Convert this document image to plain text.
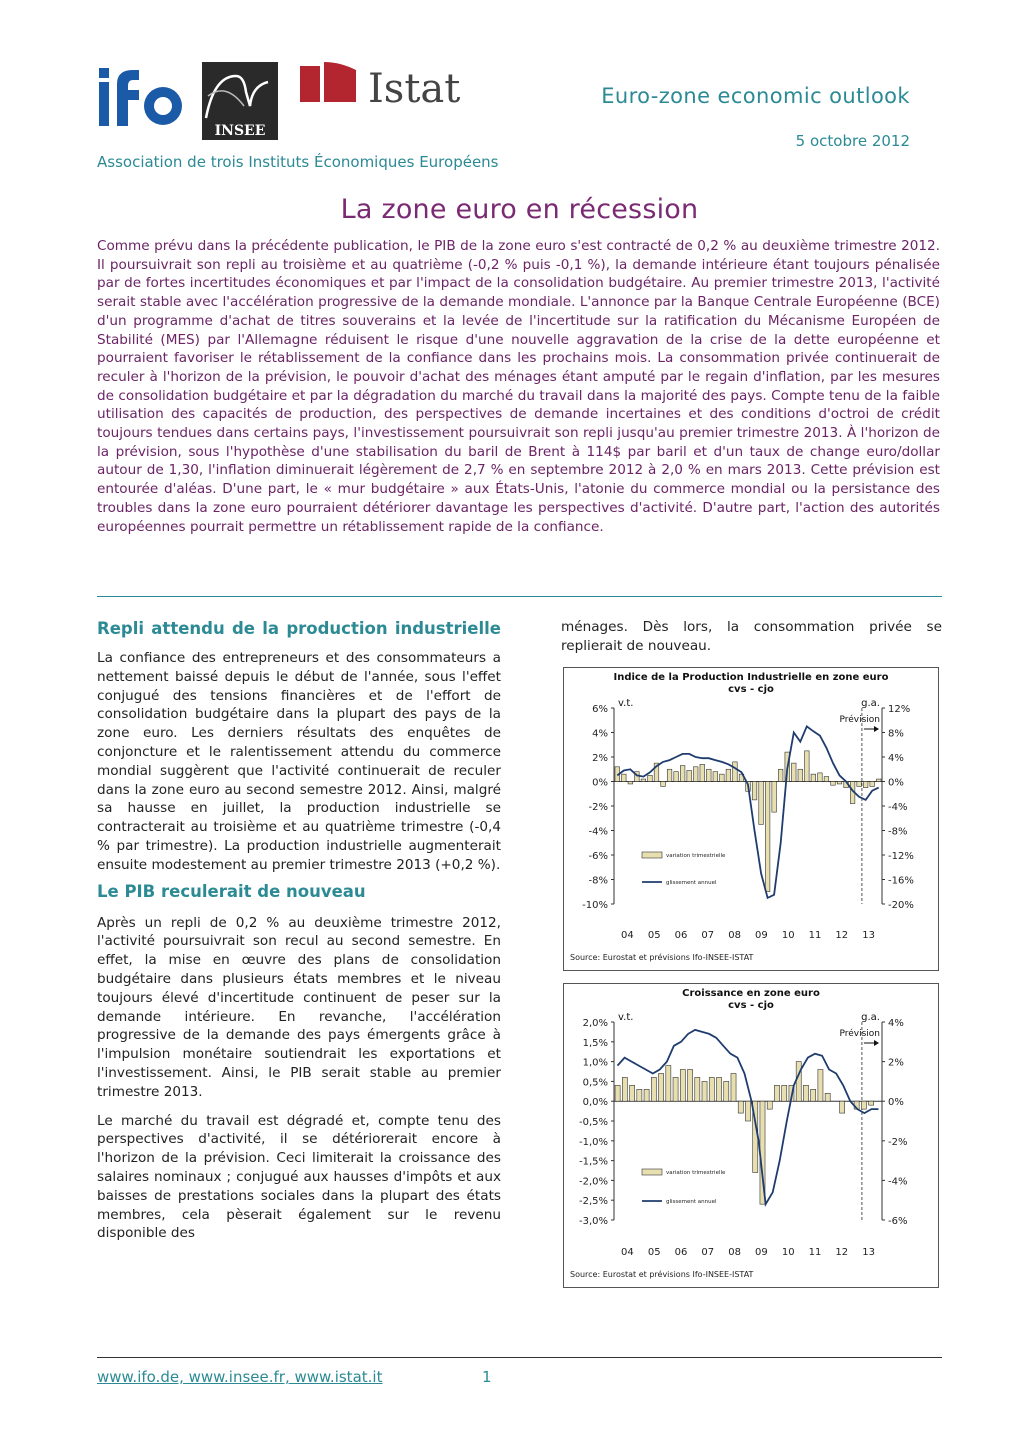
INSEE
Istat	Euro-zone economic outlook
5 octobre 2012
Association de trois Instituts Économiques Européens
La zone euro en récession
Comme prévu dans la précédente publication, le PIB de la zone euro s'est contracté de 0,2 % au deuxième trimestre 2012. Il poursuivrait son repli au troisième et au quatrième (-0,2 % puis -0,1 %), la demande intérieure étant toujours pénalisée par de fortes incertitudes économiques et par l'impact de la consolidation budgétaire. Au premier trimestre 2013, l'activité serait stable avec l'accélération progressive de la demande mondiale. L'annonce par la Banque Centrale Européenne (BCE) d'un programme d'achat de titres souverains et la levée de l'incertitude sur la ratification du Mécanisme Européen de Stabilité (MES) par l'Allemagne réduisent le risque d'une nouvelle aggravation de la crise de la dette européenne et pourraient favoriser le rétablissement de la confiance dans les prochains mois. La consommation privée continuerait de reculer à l'horizon de la prévision, le pouvoir d'achat des ménages étant amputé par le regain d'inflation, par les mesures de consolidation budgétaire et par la dégradation du marché du travail dans la majorité des pays. Compte tenu de la faible utilisation des capacités de production, des perspectives de demande incertaines et des conditions d'octroi de crédit toujours tendues dans certains pays, l'investissement poursuivrait son repli jusqu'au premier trimestre 2013. À l'horizon de la prévision, sous l'hypothèse d'une stabilisation du baril de Brent à 114$ par baril et d'un taux de change euro/dollar autour de 1,30, l'inflation diminuerait légèrement de 2,7 % en septembre 2012 à 2,0 % en mars 2013. Cette prévision est entourée d'aléas. D'une part, le « mur budgétaire » aux États-Unis, l'atonie du commerce mondial ou la persistance des troubles dans la zone euro pourraient détériorer davantage les perspectives d'activité. D'autre part, l'action des autorités européennes pourrait permettre un rétablissement rapide de la confiance.
Repli attendu de la production industrielle

La confiance des entrepreneurs et des consommateurs a nettement baissé depuis le début de l'année, sous l'effet conjugué des tensions financières et de l'effort de consolidation budgétaire dans la plupart des pays de la zone euro. Les derniers résultats des enquêtes de conjoncture et le ralentissement attendu du commerce mondial suggèrent que l'activité continuerait de reculer dans la zone euro au second semestre 2012. Ainsi, malgré sa hausse en juillet, la production industrielle se contracterait au troisième et au quatrième trimestre (-0,4 % par trimestre). La production industrielle augmenterait ensuite modestement au premier trimestre 2013 (+0,2 %).

Le PIB reculerait de nouveau

Après un repli de 0,2 % au deuxième trimestre 2012, l'activité poursuivrait son recul au second semestre. En effet, la mise en œuvre des plans de consolidation budgétaire dans plusieurs états membres et le niveau toujours élevé d'incertitude continuent de peser sur la demande intérieure. En revanche, l'accélération progressive de la demande des pays émergents grâce à l'impulsion monétaire soutiendrait les exportations et l'investissement. Ainsi, le PIB serait stable au premier trimestre 2013.

Le marché du travail est dégradé et, compte tenu des perspectives d'activité, il se détériorerait encore à l'horizon de la prévision. Ceci limiterait la croissance des salaires nominaux ; conjugué aux hausses d'impôts et aux baisses de prestations sociales dans la plupart des états membres, cela pèserait également sur le revenu disponible des

ménages. Dès lors, la consommation privée se replierait de nouveau.

Indice de la Production Industrielle en zone euro
cvs - cjo
v.t.	g.a.
6%
4%
2%
0%
-2%
-4%
-6%
-8%
-10%
12%
8%
4%
0%
-4%
-8%
-12%
-16%
-20%
Prévision
04 05 06 07 08 09 10 11 12 13
variation trimestrielle
glissement annuel
Source: Eurostat et prévisions Ifo-INSEE-ISTAT
Croissance en zone euro
cvs - cjo
v.t.	g.a.
2,0%
1,5%
1,0%
0,5%
0,0%
-0,5%
-1,0%
-1,5%
-2,0%
-2,5%
-3,0%
4%
2%
0%
-2%
-4%
-6%
Prévision
04 05 06 07 08 09 10 11 12 13
variation trimestrielle
glissement annuel
Source: Eurostat et prévisions Ifo-INSEE-ISTAT
www.ifo.de, www.insee.fr, www.istat.it	1
